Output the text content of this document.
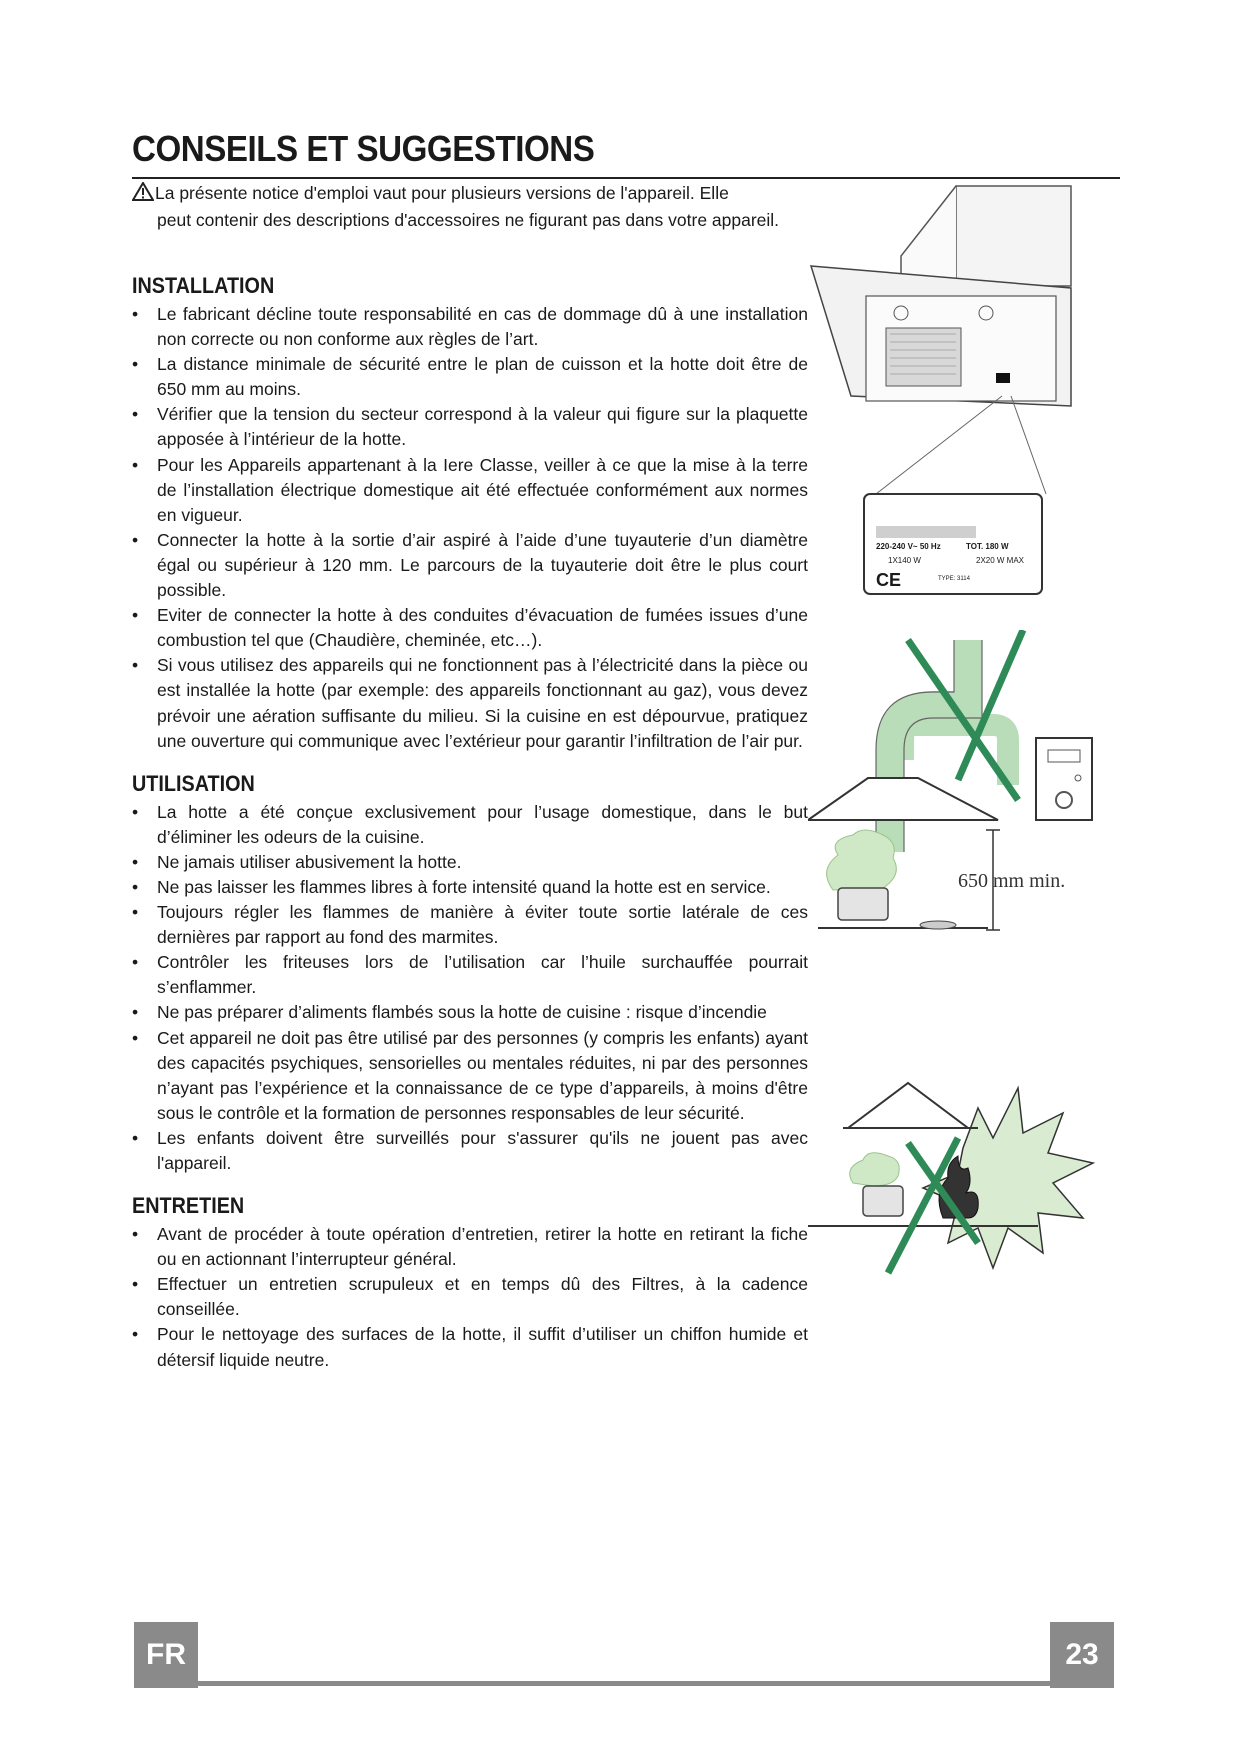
CONSEILS ET SUGGESTIONS
La présente notice d'emploi vaut pour plusieurs versions de l'appareil. Elle
peut contenir des descriptions d'accessoires ne figurant pas dans votre appareil.
INSTALLATION
• Le fabricant décline toute responsabilité en cas de dommage dû à une installation non correcte ou non conforme aux règles de l’art.
• La distance minimale de sécurité entre le plan de cuisson et la hotte doit être de 650 mm au moins.
• Vérifier que la tension du secteur correspond à la valeur qui figure sur la plaquette apposée à l’intérieur de la hotte.
• Pour les Appareils appartenant à la Iere Classe, veiller à ce que la mise à la terre de l’installation électrique domestique ait été effectuée conformément aux normes en vigueur.
• Connecter la hotte à la sortie d’air aspiré à l’aide d’une tuyauterie d’un diamètre égal ou supérieur à 120 mm. Le parcours de la tuyauterie doit être le plus court possible.
• Eviter de connecter la hotte à des conduites d’évacuation de fumées issues d’une combustion tel que (Chaudière, cheminée, etc…).
• Si vous utilisez des appareils qui ne fonctionnent pas à l’électricité dans la pièce ou est installée la hotte (par exemple: des appareils fonctionnant au gaz), vous devez prévoir une aération suffisante du milieu. Si la cuisine en est dépourvue, pratiquez une ouverture qui communique avec l’extérieur pour garantir l’infiltration de l’air pur.
UTILISATION
• La hotte a été conçue exclusivement pour l’usage domestique, dans le but d’éliminer les odeurs de la cuisine.
• Ne jamais utiliser abusivement la hotte.
• Ne pas laisser les flammes libres à forte intensité quand la hotte est en service.
• Toujours régler les flammes de manière à éviter toute sortie latérale de ces dernières par rapport au fond des marmites.
• Contrôler les friteuses lors de l’utilisation car l’huile surchauffée pourrait s’enflammer.
• Ne pas préparer d’aliments flambés sous la hotte de cuisine : risque d’incendie
• Cet appareil ne doit pas être utilisé par des personnes (y compris les enfants) ayant des capacités psychiques, sensorielles ou mentales réduites, ni par des personnes n’ayant pas l’expérience et la connaissance de ce type d’appareils, à moins d'être sous le contrôle et la formation de personnes responsables de leur sécurité.
• Les enfants doivent être surveillés pour s'assurer qu'ils ne jouent pas avec l'appareil.
ENTRETIEN
• Avant de procéder à toute opération d’entretien, retirer la hotte en retirant la fiche ou en actionnant l’interrupteur général.
• Effectuer un entretien scrupuleux et en temps dû des Filtres, à la cadence conseillée.
• Pour le nettoyage des surfaces de la hotte, il suffit d’utiliser un chiffon humide et détersif liquide neutre.
220-240 V~ 50 Hz	TOT. 180 W
1X140 W	2X20 W MAX
CE	TYPE: 3114
650 mm min.
FR	23
